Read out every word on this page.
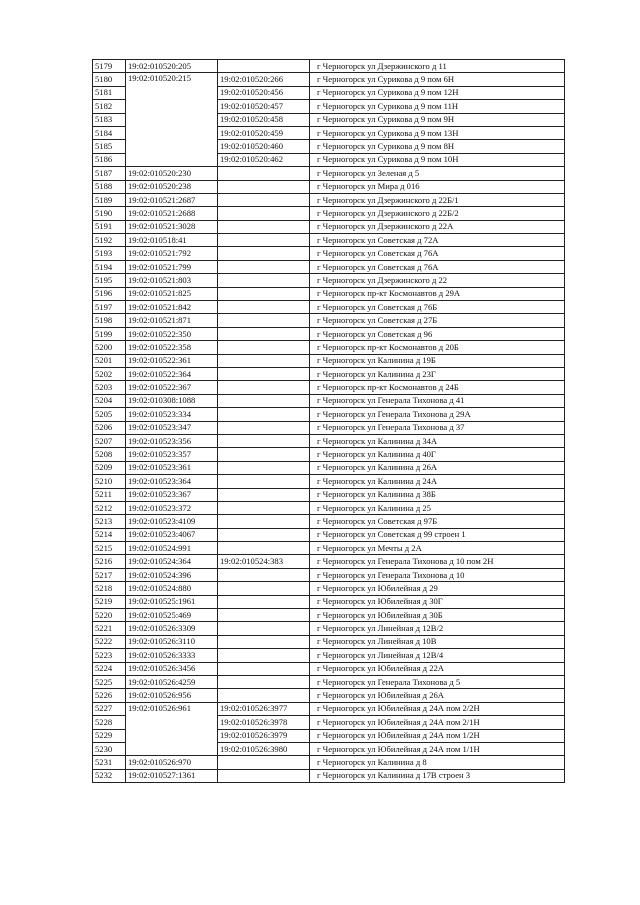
5179	19:02:010520:205		г Черногорск ул Дзержинского д 11
5180	19:02:010520:215	19:02:010520:266	г Черногорск ул Сурикова д 9 пом 6Н
5181		19:02:010520:456	г Черногорск ул Сурикова д 9 пом 12Н
5182		19:02:010520:457	г Черногорск ул Сурикова д 9 пом 11Н
5183		19:02:010520:458	г Черногорск ул Сурикова д 9 пом 9Н
5184		19:02:010520:459	г Черногорск ул Сурикова д 9 пом 13Н
5185		19:02:010520:460	г Черногорск ул Сурикова д 9 пом 8Н
5186		19:02:010520:462	г Черногорск ул Сурикова д 9 пом 10Н
5187	19:02:010520:230		г Черногорск ул Зеленая д 5
5188	19:02:010520:238		г Черногорск ул Мира д 016
5189	19:02:010521:2687		г Черногорск ул Дзержинского д 22Б/1
5190	19:02:010521:2688		г Черногорск ул Дзержинского д 22Б/2
5191	19:02:010521:3028		г Черногорск ул Дзержинского д 22А
5192	19:02:010518:41		г Черногорск ул Советская д 72А
5193	19:02:010521:792		г Черногорск ул Советская д 76А
5194	19:02:010521:799		г Черногорск ул Советская д 76А
5195	19:02:010521:803		г Черногорск ул Дзержинского д 22
5196	19:02:010521:825		г Черногорск пр-кт Космонавтов д 29А
5197	19:02:010521:842		г Черногорск ул Советская д 76Б
5198	19:02:010521:871		г Черногорск ул Советская д 27Б
5199	19:02:010522:350		г Черногорск ул Советская д 96
5200	19:02:010522:358		г Черногорск пр-кт Космонавтов д 20Б
5201	19:02:010522:361		г Черногорск ул Калинина д 19Б
5202	19:02:010522:364		г Черногорск ул Калинина д 23Г
5203	19:02:010522:367		г Черногорск пр-кт Космонавтов д 24Б
5204	19:02:010308:1088		г Черногорск ул Генерала Тихонова д 41
5205	19:02:010523:334		г Черногорск ул Генерала Тихонова д 29А
5206	19:02:010523:347		г Черногорск ул Генерала Тихонова д 37
5207	19:02:010523:356		г Черногорск ул Калинина д 34А
5208	19:02:010523:357		г Черногорск ул Калинина д 40Г
5209	19:02:010523:361		г Черногорск ул Калинина д 26А
5210	19:02:010523:364		г Черногорск ул Калинина д 24А
5211	19:02:010523:367		г Черногорск ул Калинина д 38Б
5212	19:02:010523:372		г Черногорск ул Калинина д 25
5213	19:02:010523:4109		г Черногорск ул Советская д 97Б
5214	19:02:010523:4067		г Черногорск ул Советская д 99 строен 1
5215	19:02:010524:991		г Черногорск ул Мечты д 2А
5216	19:02:010524:364	19:02:010524:383	г Черногорск ул Генерала Тихонова д 10 пом 2Н
5217	19:02:010524:396		г Черногорск ул Генерала Тихонова д 10
5218	19:02:010524:880		г Черногорск ул Юбилейная д 29
5219	19:02:010525:1961		г Черногорск ул Юбилейная д 30Г
5220	19:02:010525:469		г Черногорск ул Юбилейная д 30Б
5221	19:02:010526:3309		г Черногорск ул Линейная д 12В/2
5222	19:02:010526:3110		г Черногорск ул Линейная д 10В
5223	19:02:010526:3333		г Черногорск ул Линейная д 12В/4
5224	19:02:010526:3456		г Черногорск ул Юбилейная д 22А
5225	19:02:010526:4259		г Черногорск ул Генерала Тихонова д 5
5226	19:02:010526:956		г Черногорск ул Юбилейная д 26А
5227	19:02:010526:961	19:02:010526:3977	г Черногорск ул Юбилейная д 24А пом 2/2Н
5228		19:02:010526:3978	г Черногорск ул Юбилейная д 24А пом 2/1Н
5229		19:02:010526:3979	г Черногорск ул Юбилейная д 24А пом 1/2Н
5230		19:02:010526:3980	г Черногорск ул Юбилейная д 24А пом 1/1Н
5231	19:02:010526:970		г Черногорск ул Калинина д 8
5232	19:02:010527:1361		г Черногорск ул Калинина д 17В строен 3
